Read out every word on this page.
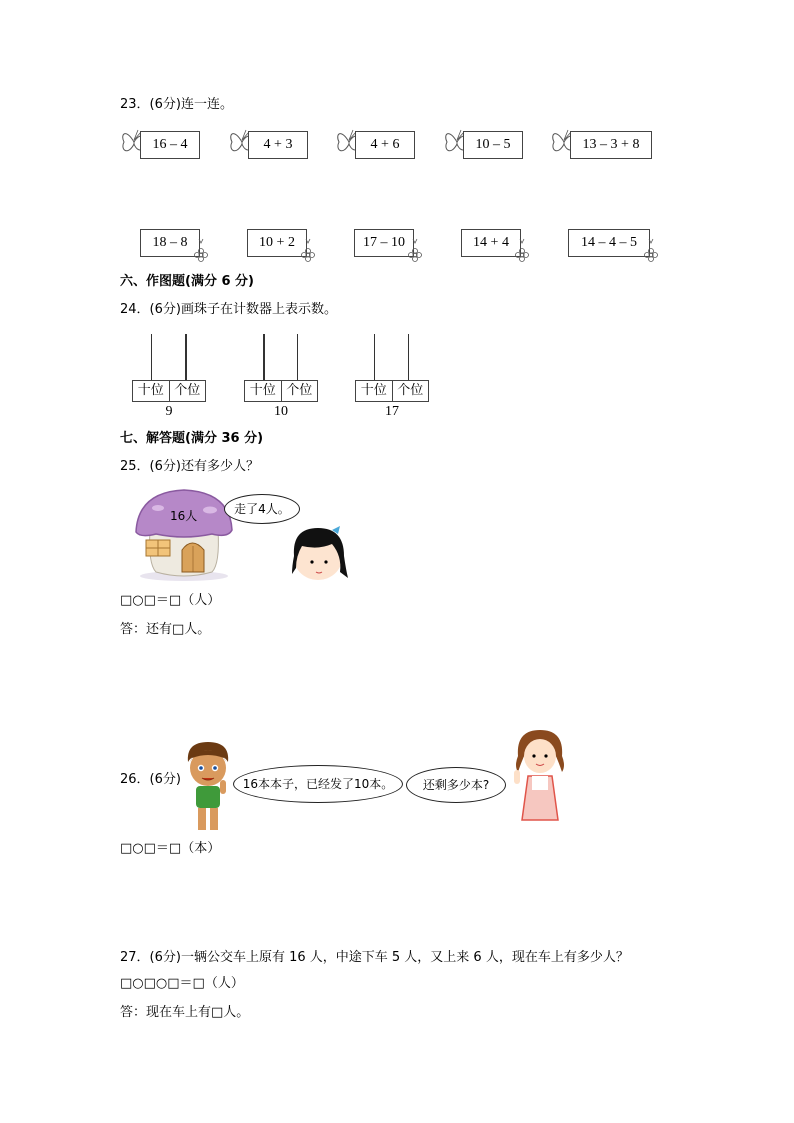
23．(6分)连一连。
16 – 4	4 + 3	4 + 6	10 – 5	13 – 3 + 8
18 – 8	10 + 2	17 – 10	14 + 4	14 – 4 – 5
六、作图题(满分 6 分)
24．(6分)画珠子在计数器上表示数。
十位 个位
9
十位 个位
10
十位 个位
17
七、解答题(满分 36 分)
25．(6分)还有多少人？
16人	走了4人。
□○□＝□（人）
答：还有□人。
26．(6分)	16本本子，已经发了10本。	还剩多少本?
□○□＝□（本）
27．(6分)一辆公交车上原有 16 人，中途下车 5 人，又上来 6 人，现在车上有多少人？
□○□○□＝□（人）
答：现在车上有□人。
